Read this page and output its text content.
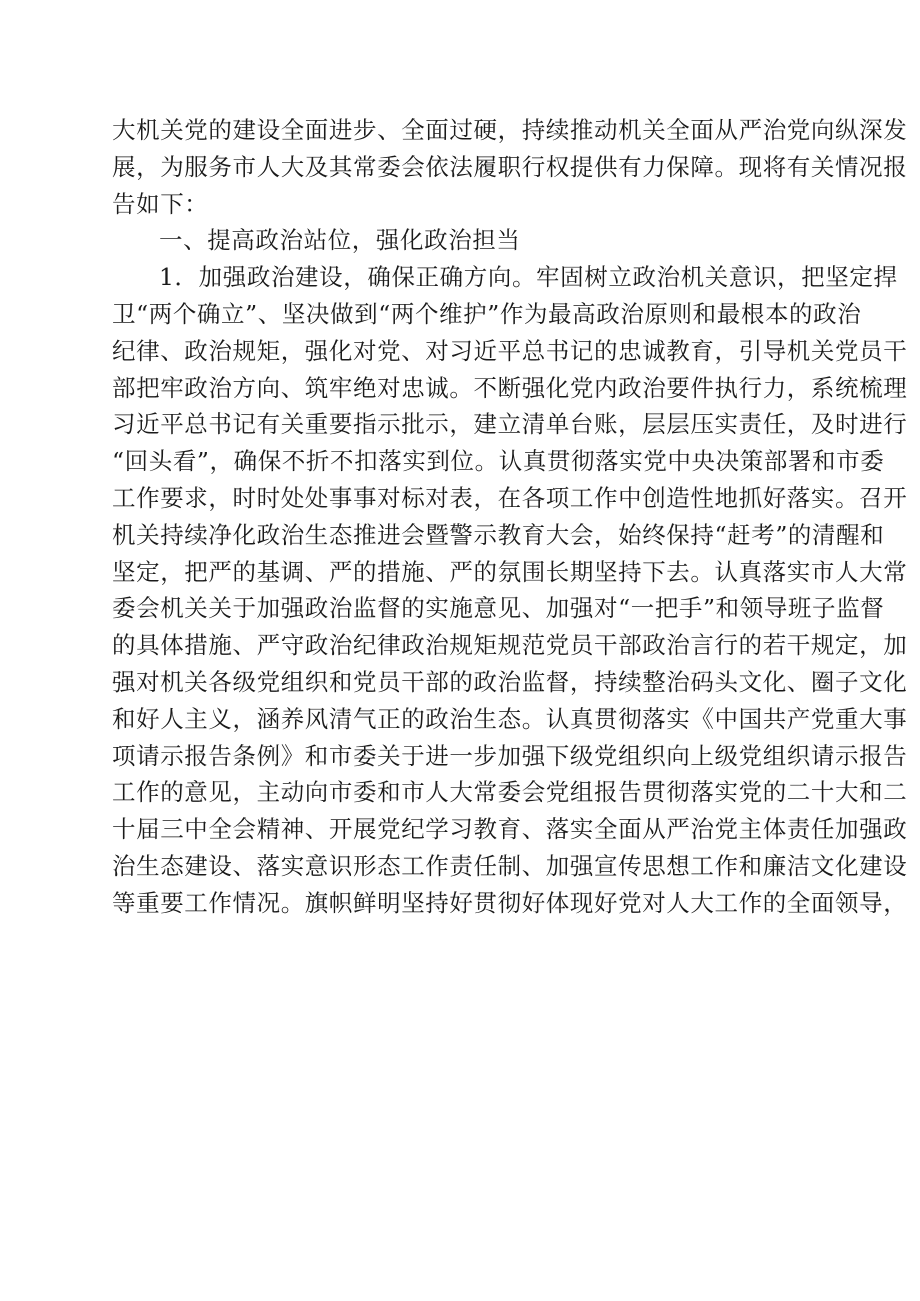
大机关党的建设全面进步、全面过硬，持续推动机关全面从严治党向纵深发
展，为服务市人大及其常委会依法履职行权提供有力保障。现将有关情况报
告如下：
一、提高政治站位，强化政治担当
1．加强政治建设，确保正确方向。牢固树立政治机关意识，把坚定捍
卫“两个确立”、坚决做到“两个维护”作为最高政治原则和最根本的政治
纪律、政治规矩，强化对党、对习近平总书记的忠诚教育，引导机关党员干
部把牢政治方向、筑牢绝对忠诚。不断强化党内政治要件执行力，系统梳理
习近平总书记有关重要指示批示，建立清单台账，层层压实责任，及时进行
“回头看”，确保不折不扣落实到位。认真贯彻落实党中央决策部署和市委
工作要求，时时处处事事对标对表，在各项工作中创造性地抓好落实。召开
机关持续净化政治生态推进会暨警示教育大会，始终保持“赶考”的清醒和
坚定，把严的基调、严的措施、严的氛围长期坚持下去。认真落实市人大常
委会机关关于加强政治监督的实施意见、加强对“一把手”和领导班子监督
的具体措施、严守政治纪律政治规矩规范党员干部政治言行的若干规定，加
强对机关各级党组织和党员干部的政治监督，持续整治码头文化、圈子文化
和好人主义，涵养风清气正的政治生态。认真贯彻落实《中国共产党重大事
项请示报告条例》和市委关于进一步加强下级党组织向上级党组织请示报告
工作的意见，主动向市委和市人大常委会党组报告贯彻落实党的二十大和二
十届三中全会精神、开展党纪学习教育、落实全面从严治党主体责任加强政
治生态建设、落实意识形态工作责任制、加强宣传思想工作和廉洁文化建设
等重要工作情况。旗帜鲜明坚持好贯彻好体现好党对人大工作的全面领导，
